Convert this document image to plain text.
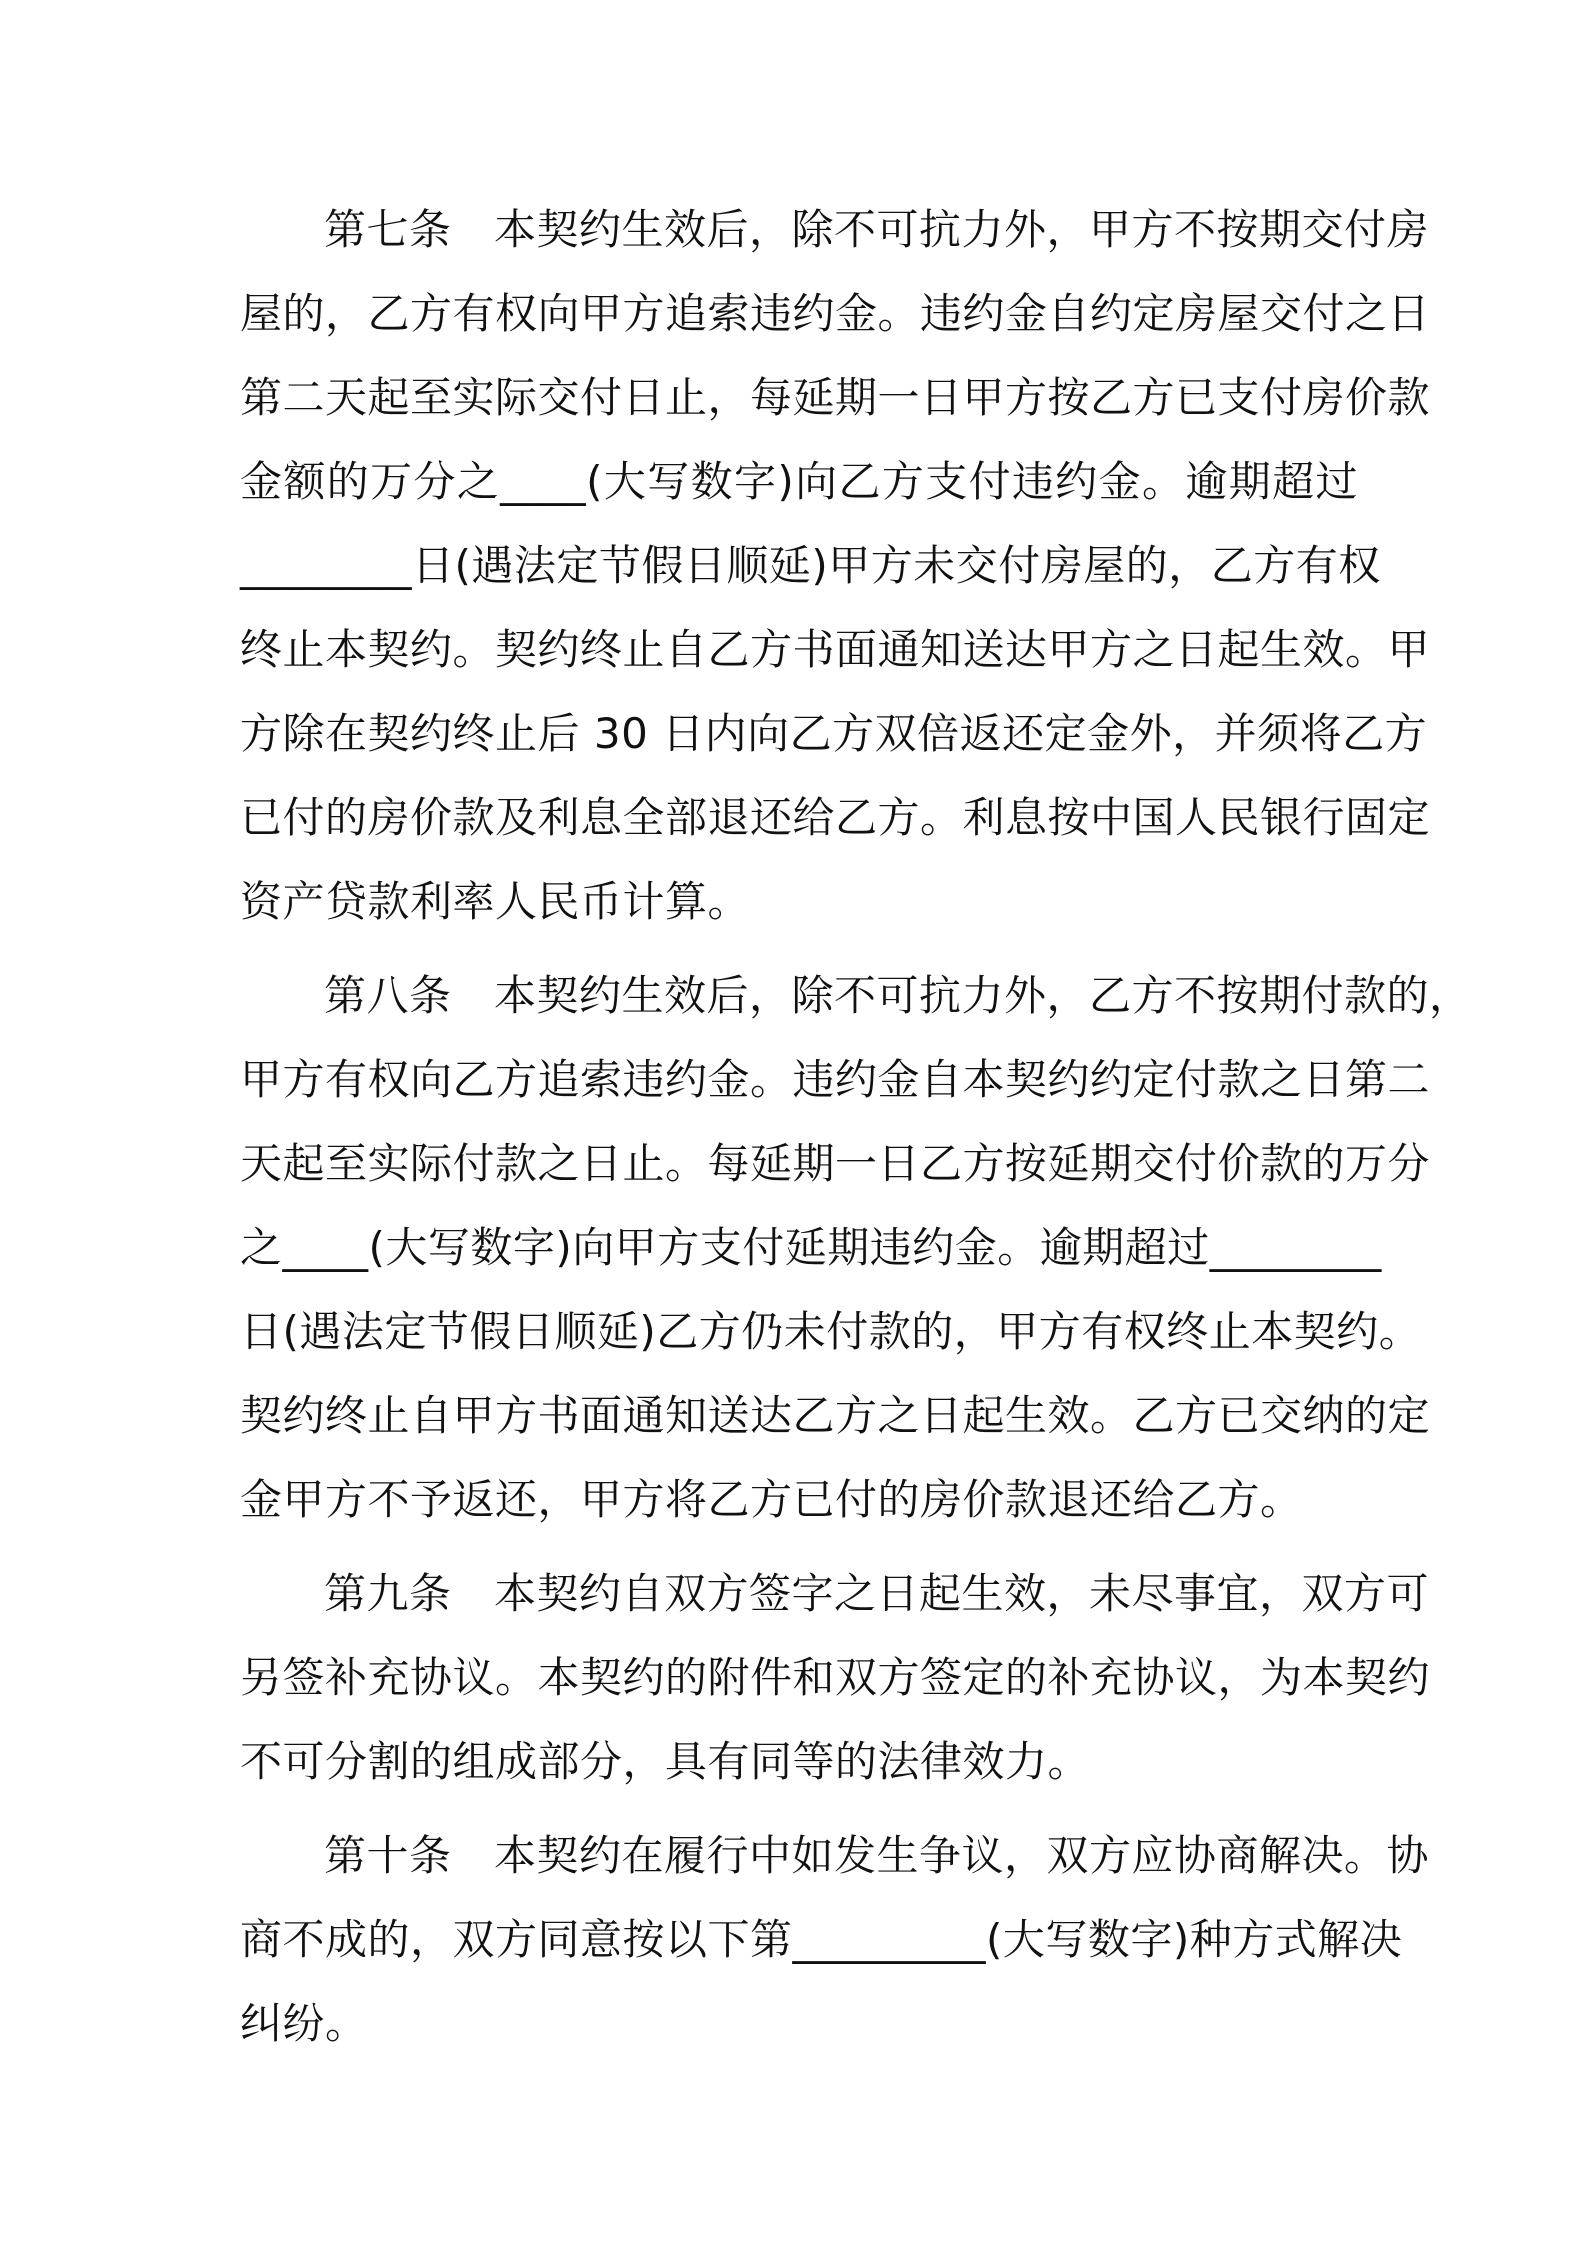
第七条　本契约生效后，除不可抗力外，甲方不按期交付房
屋的，乙方有权向甲方追索违约金。违约金自约定房屋交付之日
第二天起至实际交付日止，每延期一日甲方按乙方已支付房价款
金额的万分之____(大写数字)向乙方支付违约金。逾期超过
________日(遇法定节假日顺延)甲方未交付房屋的，乙方有权
终止本契约。契约终止自乙方书面通知送达甲方之日起生效。甲
方除在契约终止后 30 日内向乙方双倍返还定金外，并须将乙方
已付的房价款及利息全部退还给乙方。利息按中国人民银行固定
资产贷款利率人民币计算。
第八条　本契约生效后，除不可抗力外，乙方不按期付款的，
甲方有权向乙方追索违约金。违约金自本契约约定付款之日第二
天起至实际付款之日止。每延期一日乙方按延期交付价款的万分
之____(大写数字)向甲方支付延期违约金。逾期超过________
日(遇法定节假日顺延)乙方仍未付款的，甲方有权终止本契约。
契约终止自甲方书面通知送达乙方之日起生效。乙方已交纳的定
金甲方不予返还，甲方将乙方已付的房价款退还给乙方。
第九条　本契约自双方签字之日起生效，未尽事宜，双方可
另签补充协议。本契约的附件和双方签定的补充协议，为本契约
不可分割的组成部分，具有同等的法律效力。
第十条　本契约在履行中如发生争议，双方应协商解决。协
商不成的，双方同意按以下第_________(大写数字)种方式解决
纠纷。
